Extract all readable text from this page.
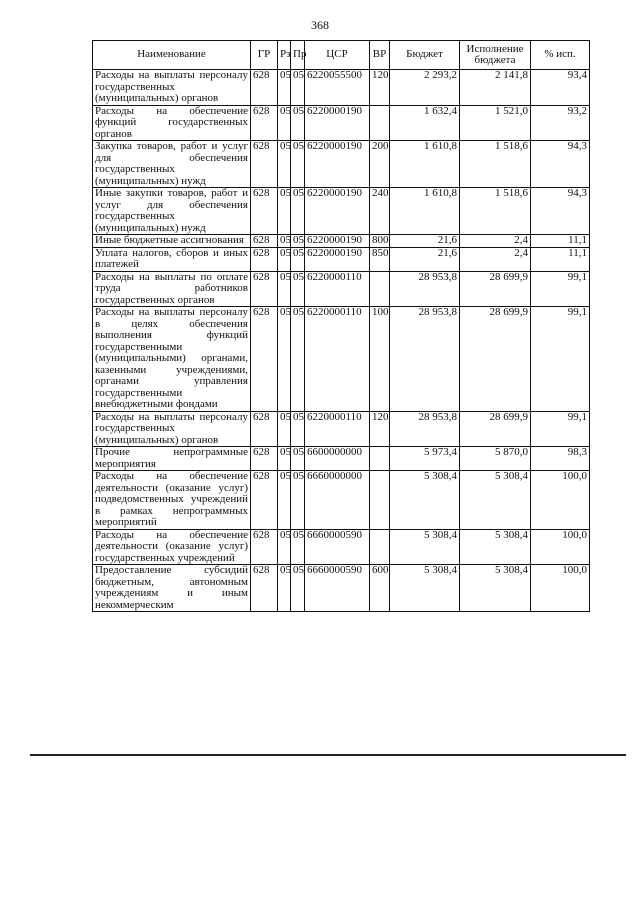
368
Наименование	ГР	Рз	Пр	ЦСР	ВР	Бюджет	Исполнение бюджета	% исп.
Расходы на выплаты персоналу государственных (муниципальных) органов	628	05	05	6220055500	120	2 293,2	2 141,8	93,4
Расходы на обеспечение функций государственных органов	628	05	05	6220000190		1 632,4	1 521,0	93,2
Закупка товаров, работ и услуг для обеспечения государственных (муниципальных) нужд	628	05	05	6220000190	200	1 610,8	1 518,6	94,3
Иные закупки товаров, работ и услуг для обеспечения государственных (муниципальных) нужд	628	05	05	6220000190	240	1 610,8	1 518,6	94,3
Иные бюджетные ассигнования	628	05	05	6220000190	800	21,6	2,4	11,1
Уплата налогов, сборов и иных платежей	628	05	05	6220000190	850	21,6	2,4	11,1
Расходы на выплаты по оплате труда работников государственных органов	628	05	05	6220000110		28 953,8	28 699,9	99,1
Расходы на выплаты персоналу в целях обеспечения выполнения функций государственными (муниципальными) органами, казенными учреждениями, органами управления государственными внебюджетными фондами	628	05	05	6220000110	100	28 953,8	28 699,9	99,1
Расходы на выплаты персоналу государственных (муниципальных) органов	628	05	05	6220000110	120	28 953,8	28 699,9	99,1
Прочие непрограммные мероприятия	628	05	05	6600000000		5 973,4	5 870,0	98,3
Расходы на обеспечение деятельности (оказание услуг) подведомственных учреждений в рамках непрограммных мероприятий	628	05	05	6660000000		5 308,4	5 308,4	100,0
Расходы на обеспечение деятельности (оказание услуг) государственных учреждений	628	05	05	6660000590		5 308,4	5 308,4	100,0
Предоставление субсидий бюджетным, автономным учреждениям и иным некоммерческим	628	05	05	6660000590	600	5 308,4	5 308,4	100,0
